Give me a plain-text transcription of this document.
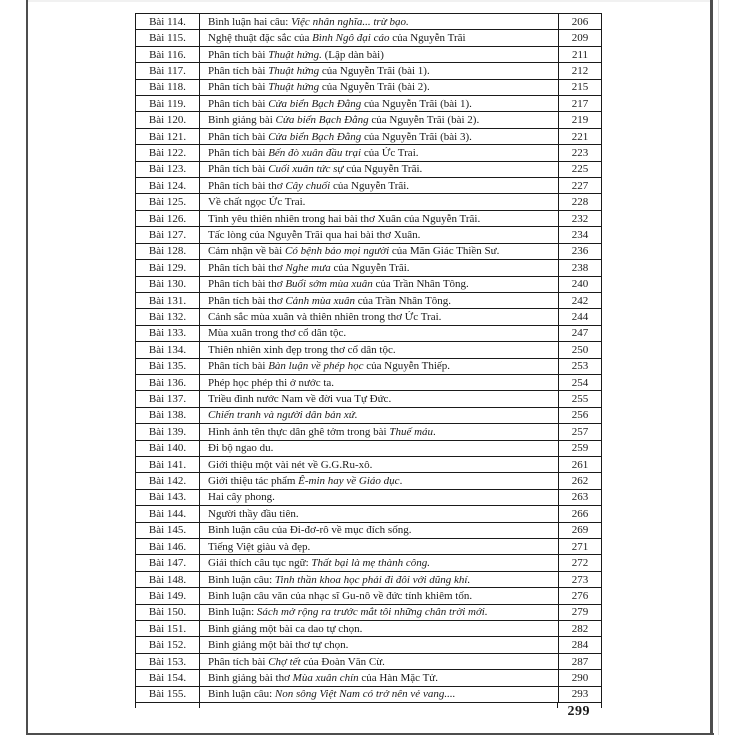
Bài 114.	Bình luận hai câu: Việc nhân nghĩa... trừ bạo.	206
Bài 115.	Nghệ thuật đặc sắc của Bình Ngô đại cáo của Nguyễn Trãi	209
Bài 116.	Phân tích bài Thuật hứng. (Lập dàn bài)	211
Bài 117.	Phân tích bài Thuật hứng của Nguyễn Trãi (bài 1).	212
Bài 118.	Phân tích bài Thuật hứng của Nguyễn Trãi (bài 2).	215
Bài 119.	Phân tích bài Cửa biển Bạch Đằng của Nguyễn Trãi (bài 1).	217
Bài 120.	Bình giảng bài Cửa biển Bạch Đằng của Nguyễn Trãi (bài 2).	219
Bài 121.	Phân tích bài Cửa biển Bạch Đằng của Nguyễn Trãi (bài 3).	221
Bài 122.	Phân tích bài Bến đò xuân đầu trại của Ức Trai.	223
Bài 123.	Phân tích bài Cuối xuân tức sự của Nguyễn Trãi.	225
Bài 124.	Phân tích bài thơ Cây chuối của Nguyễn Trãi.	227
Bài 125.	Về chất ngọc Ức Trai.	228
Bài 126.	Tình yêu thiên nhiên trong hai bài thơ Xuân của Nguyễn Trãi.	232
Bài 127.	Tấc lòng của Nguyễn Trãi qua hai bài thơ Xuân.	234
Bài 128.	Cảm nhận về bài Có bệnh bảo mọi người của Mãn Giác Thiền Sư.	236
Bài 129.	Phân tích bài thơ Nghe mưa của Nguyễn Trãi.	238
Bài 130.	Phân tích bài thơ Buổi sớm mùa xuân của Trần Nhân Tông.	240
Bài 131.	Phân tích bài thơ Cảnh mùa xuân của Trần Nhân Tông.	242
Bài 132.	Cảnh sắc mùa xuân và thiên nhiên trong thơ Ức Trai.	244
Bài 133.	Mùa xuân trong thơ cổ dân tộc.	247
Bài 134.	Thiên nhiên xinh đẹp trong thơ cổ dân tộc.	250
Bài 135.	Phân tích bài Bàn luận về phép học của Nguyễn Thiếp.	253
Bài 136.	Phép học phép thi ở nước ta.	254
Bài 137.	Triều đình nước Nam về đời vua Tự Đức.	255
Bài 138.	Chiến tranh và người dân bản xứ.	256
Bài 139.	Hình ảnh tên thực dân ghê tởm trong bài Thuế máu.	257
Bài 140.	Đi bộ ngao du.	259
Bài 141.	Giới thiệu một vài nét về G.G.Ru-xô.	261
Bài 142.	Giới thiệu tác phẩm Ê-min hay về Giáo dục.	262
Bài 143.	Hai cây phong.	263
Bài 144.	Người thầy đầu tiên.	266
Bài 145.	Bình luận câu của Đi-đơ-rô về mục đích sống.	269
Bài 146.	Tiếng Việt giàu và đẹp.	271
Bài 147.	Giải thích câu tục ngữ: Thất bại là mẹ thành công.	272
Bài 148.	Bình luận câu: Tinh thần khoa học phải đi đôi với dũng khí.	273
Bài 149.	Bình luận câu văn của nhạc sĩ Gu-nô về đức tính khiêm tốn.	276
Bài 150.	Bình luận: Sách mở rộng ra trước mắt tôi những chân trời mới.	279
Bài 151.	Bình giảng một bài ca dao tự chọn.	282
Bài 152.	Bình giảng một bài thơ tự chọn.	284
Bài 153.	Phân tích bài Chợ tết của Đoàn Văn Cừ.	287
Bài 154.	Bình giảng bài thơ Mùa xuân chín của Hàn Mặc Tử.	290
Bài 155.	Bình luận câu: Non sông Việt Nam có trở nên vẻ vang....	293
299
